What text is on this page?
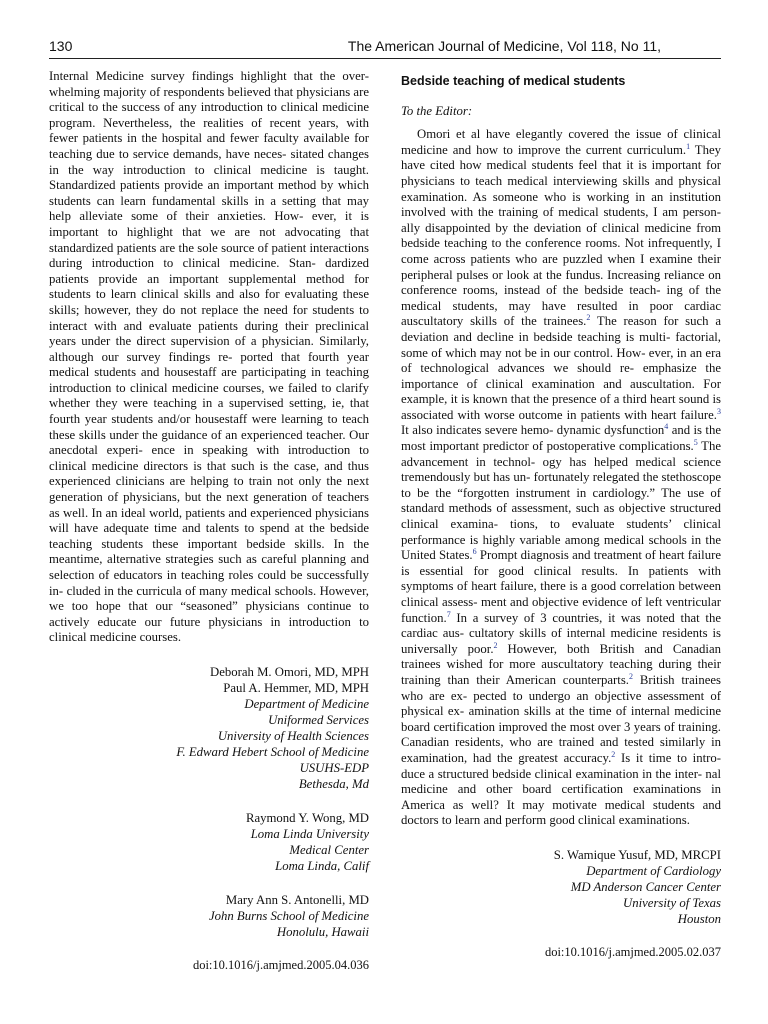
130	The American Journal of Medicine, Vol 118, No 11,

Internal Medicine survey findings highlight that the over- whelming majority of respondents believed that physicians are critical to the success of any introduction to clinical medicine program. Nevertheless, the realities of recent years, with fewer patients in the hospital and fewer faculty available for teaching due to service demands, have neces- sitated changes in the way introduction to clinical medicine is taught. Standardized patients provide an important method by which students can learn fundamental skills in a setting that may help alleviate some of their anxieties. How- ever, it is important to highlight that we are not advocating that standardized patients are the sole source of patient interactions during introduction to clinical medicine. Stan- dardized patients provide an important supplemental method for students to learn clinical skills and also for evaluating these skills; however, they do not replace the need for students to interact with and evaluate patients during their preclinical years under the direct supervision of a physician. Similarly, although our survey findings re- ported that fourth year medical students and housestaff are participating in teaching introduction to clinical medicine courses, we failed to clarify whether they were teaching in a supervised setting, ie, that fourth year students and/or housestaff were learning to teach these skills under the guidance of an experienced teacher. Our anecdotal experi- ence in speaking with introduction to clinical medicine directors is that such is the case, and thus experienced clinicians are helping to train not only the next generation of physicians, but the next generation of teachers as well. In an ideal world, patients and experienced physicians will have adequate time and talents to spend at the bedside teaching students these important bedside skills. In the meantime, alternative strategies such as careful planning and selection of educators in teaching roles could be successfully in- cluded in the curricula of many medical schools. However, we too hope that our “seasoned” physicians continue to actively educate our future physicians in introduction to clinical medicine courses.

Deborah M. Omori, MD, MPH
Paul A. Hemmer, MD, MPH
Department of Medicine
Uniformed Services
University of Health Sciences
F. Edward Hebert School of Medicine
USUHS-EDP
Bethesda, Md
Raymond Y. Wong, MD
Loma Linda University
Medical Center
Loma Linda, Calif
Mary Ann S. Antonelli, MD
John Burns School of Medicine
Honolulu, Hawaii
doi:10.1016/j.amjmed.2005.04.036
Bedside teaching of medical students
To the Editor:

Omori et al have elegantly covered the issue of clinical medicine and how to improve the current curriculum.$^1$ They have cited how medical students feel that it is important for physicians to teach medical interviewing skills and physical examination. As someone who is working in an institution involved with the training of medical students, I am person- ally disappointed by the deviation of clinical medicine from bedside teaching to the conference rooms. Not infrequently, I come across patients who are puzzled when I examine their peripheral pulses or look at the fundus. Increasing reliance on conference rooms, instead of the bedside teach- ing of the medical students, may have resulted in poor cardiac auscultatory skills of the trainees.$^2$ The reason for such a deviation and decline in bedside teaching is multi- factorial, some of which may not be in our control. How- ever, in an era of technological advances we should re- emphasize the importance of clinical examination and auscultation. For example, it is known that the presence of a third heart sound is associated with worse outcome in patients with heart failure.$^3$ It also indicates severe hemo- dynamic dysfunction$^4$ and is the most important predictor of postoperative complications.$^5$ The advancement in technol- ogy has helped medical science tremendously but has un- fortunately relegated the stethoscope to be the “forgotten instrument in cardiology.” The use of standard methods of assessment, such as objective structured clinical examina- tions, to evaluate students’ clinical performance is highly variable among medical schools in the United States.$^6$ Prompt diagnosis and treatment of heart failure is essential for good clinical results. In patients with symptoms of heart failure, there is a good correlation between clinical assess- ment and objective evidence of left ventricular function.$^7$ In a survey of 3 countries, it was noted that the cardiac aus- cultatory skills of internal medicine residents is universally poor.$^2$ However, both British and Canadian trainees wished for more auscultatory teaching during their training than their American counterparts.$^2$ British trainees who are ex- pected to undergo an objective assessment of physical ex- amination skills at the time of internal medicine board certification improved the most over 3 years of training. Canadian residents, who are trained and tested similarly in examination, had the greatest accuracy.$^2$ Is it time to intro- duce a structured bedside clinical examination in the inter- nal medicine and other board certification examinations in America as well? It may motivate medical students and doctors to learn and perform good clinical examinations.

S. Wamique Yusuf, MD, MRCPI
Department of Cardiology
MD Anderson Cancer Center
University of Texas
Houston
doi:10.1016/j.amjmed.2005.02.037
